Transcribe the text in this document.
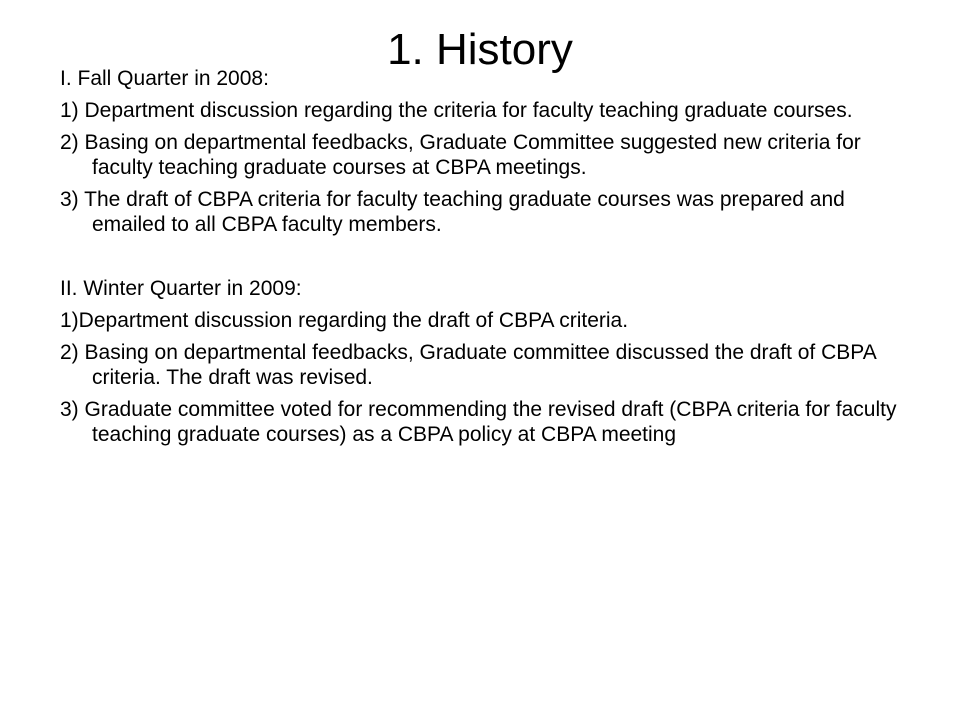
1. History
I. Fall Quarter in 2008:
1) Department discussion regarding the criteria for faculty teaching graduate courses.
2) Basing on departmental feedbacks, Graduate Committee suggested new criteria for faculty teaching graduate courses at CBPA meetings.
3) The draft of CBPA criteria for faculty teaching graduate courses was prepared and emailed to all CBPA faculty members.
II. Winter Quarter in 2009:
1)Department discussion regarding the draft of CBPA criteria.
2) Basing on departmental feedbacks, Graduate committee discussed the draft of CBPA criteria. The draft was revised.
3) Graduate committee voted for recommending the revised draft (CBPA criteria for faculty teaching graduate courses) as a CBPA policy at CBPA meeting
